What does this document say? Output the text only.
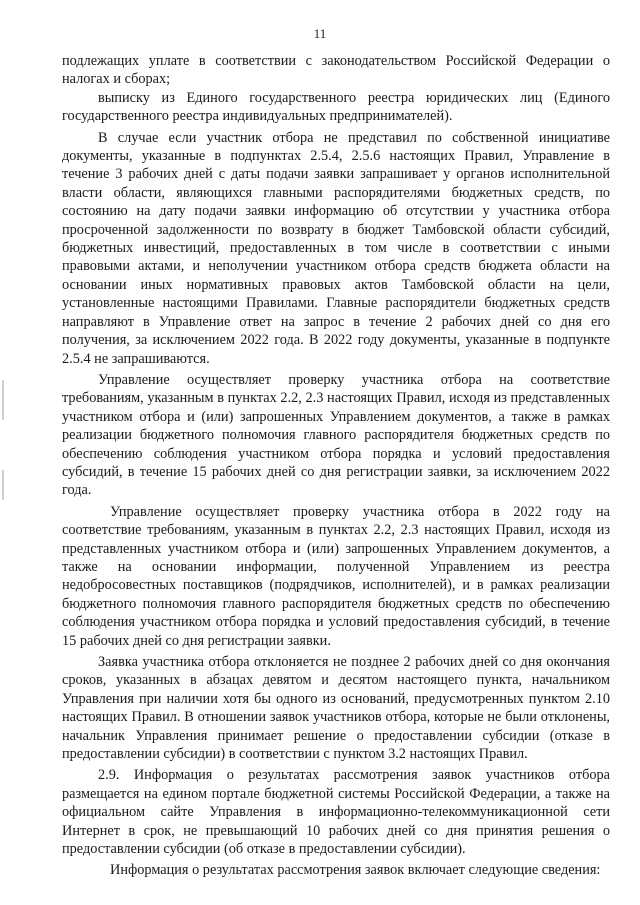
11

подлежащих уплате в соответствии с законодательством Российской Федерации о налогах и сборах;

выписку из Единого государственного реестра юридических лиц (Единого государственного реестра индивидуальных предпринимателей).

В случае если участник отбора не представил по собственной инициативе документы, указанные в подпунктах 2.5.4, 2.5.6 настоящих Правил, Управление в течение 3 рабочих дней с даты подачи заявки запрашивает у органов исполнительной власти области, являющихся главными распорядителями бюджетных средств, по состоянию на дату подачи заявки информацию об отсутствии у участника отбора просроченной задолженности по возврату в бюджет Тамбовской области субсидий, бюджетных инвестиций, предоставленных в том числе в соответствии с иными правовыми актами, и неполучении участником отбора средств бюджета области на основании иных нормативных правовых актов Тамбовской области на цели, установленные настоящими Правилами. Главные распорядители бюджетных средств направляют в Управление ответ на запрос в течение 2 рабочих дней со дня его получения, за исключением 2022 года. В 2022 году документы, указанные в подпункте 2.5.4 не запрашиваются.

Управление осуществляет проверку участника отбора на соответствие требованиям, указанным в пунктах 2.2, 2.3 настоящих Правил, исходя из представленных участником отбора и (или) запрошенных Управлением документов, а также в рамках реализации бюджетного полномочия главного распорядителя бюджетных средств по обеспечению соблюдения участником отбора порядка и условий предоставления субсидий, в течение 15 рабочих дней со дня регистрации заявки, за исключением 2022 года.

Управление осуществляет проверку участника отбора в 2022 году на соответствие требованиям, указанным в пунктах 2.2, 2.3 настоящих Правил, исходя из представленных участником отбора и (или) запрошенных Управлением документов, а также на основании информации, полученной Управлением из реестра недобросовестных поставщиков (подрядчиков, исполнителей), и в рамках реализации бюджетного полномочия главного распорядителя бюджетных средств по обеспечению соблюдения участником отбора порядка и условий предоставления субсидий, в течение 15 рабочих дней со дня регистрации заявки.

Заявка участника отбора отклоняется не позднее 2 рабочих дней со дня окончания сроков, указанных в абзацах девятом и десятом настоящего пункта, начальником Управления при наличии хотя бы одного из оснований, предусмотренных пунктом 2.10 настоящих Правил. В отношении заявок участников отбора, которые не были отклонены, начальник Управления принимает решение о предоставлении субсидии (отказе в предоставлении субсидии) в соответствии с пунктом 3.2 настоящих Правил.

2.9. Информация о результатах рассмотрения заявок участников отбора размещается на едином портале бюджетной системы Российской Федерации, а также на официальном сайте Управления в информационно-телекоммуникационной сети Интернет в срок, не превышающий 10 рабочих дней со дня принятия решения о предоставлении субсидии (об отказе в предоставлении субсидии).

Информация о результатах рассмотрения заявок включает следующие сведения:
